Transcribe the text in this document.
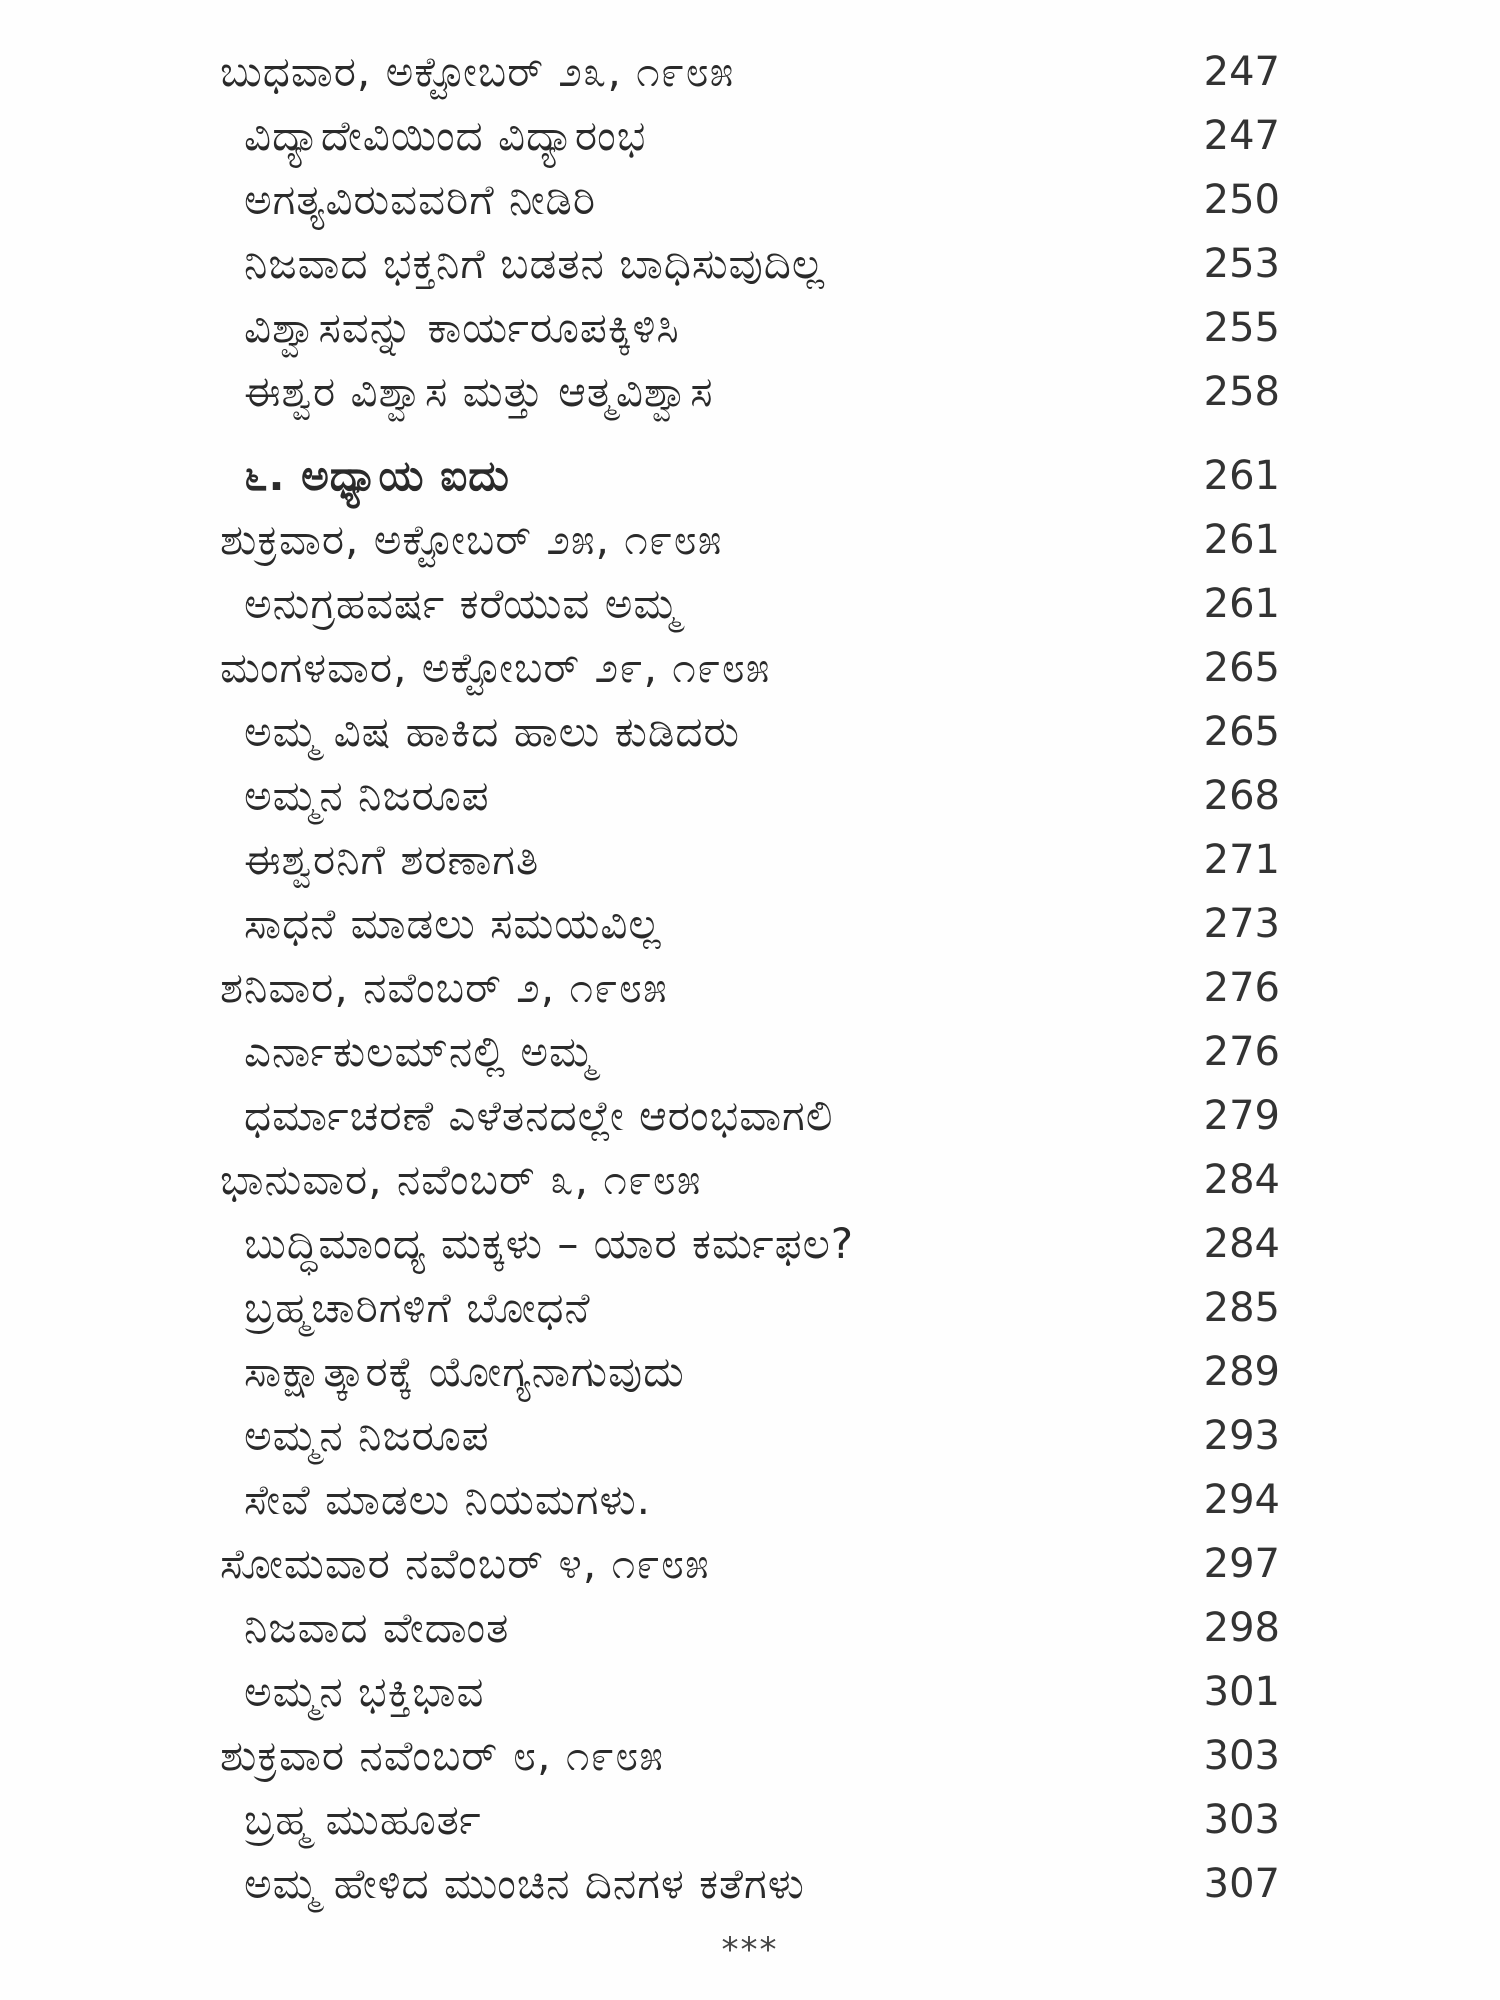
ಬುಧವಾರ, ಅಕ್ಟೋಬರ್ ೨೩, ೧೯೮೫	247
ವಿದ್ಯಾದೇವಿಯಿಂದ ವಿದ್ಯಾರಂಭ	247
ಅಗತ್ಯವಿರುವವರಿಗೆ ನೀಡಿರಿ	250
ನಿಜವಾದ ಭಕ್ತನಿಗೆ ಬಡತನ ಬಾಧಿಸುವುದಿಲ್ಲ	253
ವಿಶ್ವಾಸವನ್ನು ಕಾರ್ಯರೂಪಕ್ಕಿಳಿಸಿ	255
ಈಶ್ವರ ವಿಶ್ವಾಸ ಮತ್ತು ಆತ್ಮವಿಶ್ವಾಸ	258
೬. ಅಧ್ಯಾಯ ಐದು	261
ಶುಕ್ರವಾರ, ಅಕ್ಟೋಬರ್ ೨೫, ೧೯೮೫	261
ಅನುಗ್ರಹವರ್ಷ ಕರೆಯುವ ಅಮ್ಮ	261
ಮಂಗಳವಾರ, ಅಕ್ಟೋಬರ್ ೨೯, ೧೯೮೫	265
ಅಮ್ಮ ವಿಷ ಹಾಕಿದ ಹಾಲು ಕುಡಿದರು	265
ಅಮ್ಮನ ನಿಜರೂಪ	268
ಈಶ್ವರನಿಗೆ ಶರಣಾಗತಿ	271
ಸಾಧನೆ ಮಾಡಲು ಸಮಯವಿಲ್ಲ	273
ಶನಿವಾರ, ನವೆಂಬರ್ ೨, ೧೯೮೫	276
ಎರ್ನಾಕುಲಮ್‌ನಲ್ಲಿ ಅಮ್ಮ	276
ಧರ್ಮಾಚರಣೆ ಎಳೆತನದಲ್ಲೇ ಆರಂಭವಾಗಲಿ	279
ಭಾನುವಾರ, ನವೆಂಬರ್ ೩, ೧೯೮೫	284
ಬುದ್ಧಿಮಾಂದ್ಯ ಮಕ್ಕಳು – ಯಾರ ಕರ್ಮಫಲ?	284
ಬ್ರಹ್ಮಚಾರಿಗಳಿಗೆ ಬೋಧನೆ	285
ಸಾಕ್ಷಾತ್ಕಾರಕ್ಕೆ ಯೋಗ್ಯನಾಗುವುದು	289
ಅಮ್ಮನ ನಿಜರೂಪ	293
ಸೇವೆ ಮಾಡಲು ನಿಯಮಗಳು.	294
ಸೋಮವಾರ ನವೆಂಬರ್ ೪, ೧೯೮೫	297
ನಿಜವಾದ ವೇದಾಂತ	298
ಅಮ್ಮನ ಭಕ್ತಿಭಾವ	301
ಶುಕ್ರವಾರ ನವೆಂಬರ್ ೮, ೧೯೮೫	303
ಬ್ರಹ್ಮ ಮುಹೂರ್ತ	303
ಅಮ್ಮ ಹೇಳಿದ ಮುಂಚಿನ ದಿನಗಳ ಕತೆಗಳು	307
***
